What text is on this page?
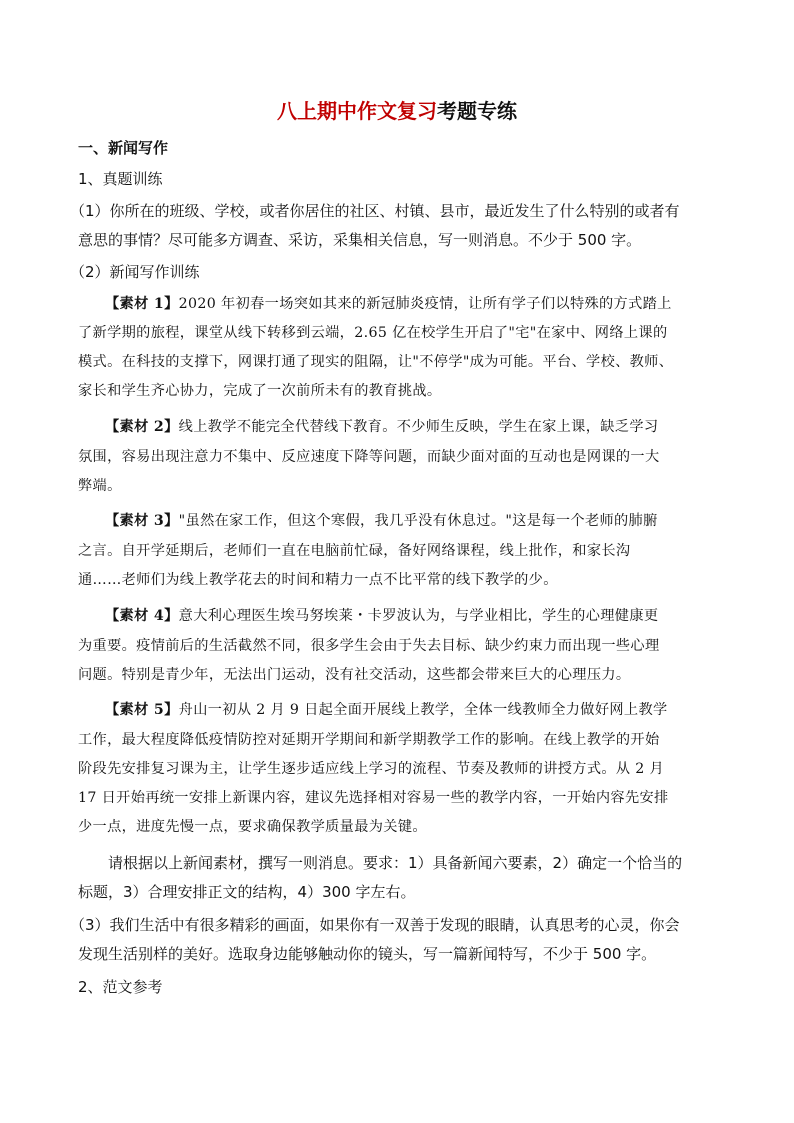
八上期中作文复习考题专练
一、新闻写作
1、真题训练
（1）你所在的班级、学校，或者你居住的社区、村镇、县市，最近发生了什么特别的或者有
意思的事情？尽可能多方调查、采访，采集相关信息，写一则消息。不少于 500 字。
（2）新闻写作训练
【素材 1】2020 年初春一场突如其来的新冠肺炎疫情，让所有学子们以特殊的方式踏上
了新学期的旅程，课堂从线下转移到云端，2.65 亿在校学生开启了"宅"在家中、网络上课的
模式。在科技的支撑下，网课打通了现实的阻隔，让"不停学"成为可能。平台、学校、教师、
家长和学生齐心协力，完成了一次前所未有的教育挑战。
【素材 2】线上教学不能完全代替线下教育。不少师生反映，学生在家上课，缺乏学习
氛围，容易出现注意力不集中、反应速度下降等问题，而缺少面对面的互动也是网课的一大
弊端。
【素材 3】"虽然在家工作，但这个寒假，我几乎没有休息过。"这是每一个老师的肺腑
之言。自开学延期后，老师们一直在电脑前忙碌，备好网络课程，线上批作，和家长沟
通……老师们为线上教学花去的时间和精力一点不比平常的线下教学的少。
【素材 4】意大利心理医生埃马努埃莱・卡罗波认为，与学业相比，学生的心理健康更
为重要。疫情前后的生活截然不同，很多学生会由于失去目标、缺少约束力而出现一些心理
问题。特别是青少年，无法出门运动，没有社交活动，这些都会带来巨大的心理压力。
【素材 5】舟山一初从 2 月 9 日起全面开展线上教学，全体一线教师全力做好网上教学
工作，最大程度降低疫情防控对延期开学期间和新学期教学工作的影响。在线上教学的开始
阶段先安排复习课为主，让学生逐步适应线上学习的流程、节奏及教师的讲授方式。从 2 月
17 日开始再统一安排上新课内容，建议先选择相对容易一些的教学内容，一开始内容先安排
少一点，进度先慢一点，要求确保教学质量最为关键。
请根据以上新闻素材，撰写一则消息。要求：1）具备新闻六要素，2）确定一个恰当的
标题，3）合理安排正文的结构，4）300 字左右。
（3）我们生活中有很多精彩的画面，如果你有一双善于发现的眼睛，认真思考的心灵，你会
发现生活别样的美好。选取身边能够触动你的镜头，写一篇新闻特写，不少于 500 字。
2、范文参考
